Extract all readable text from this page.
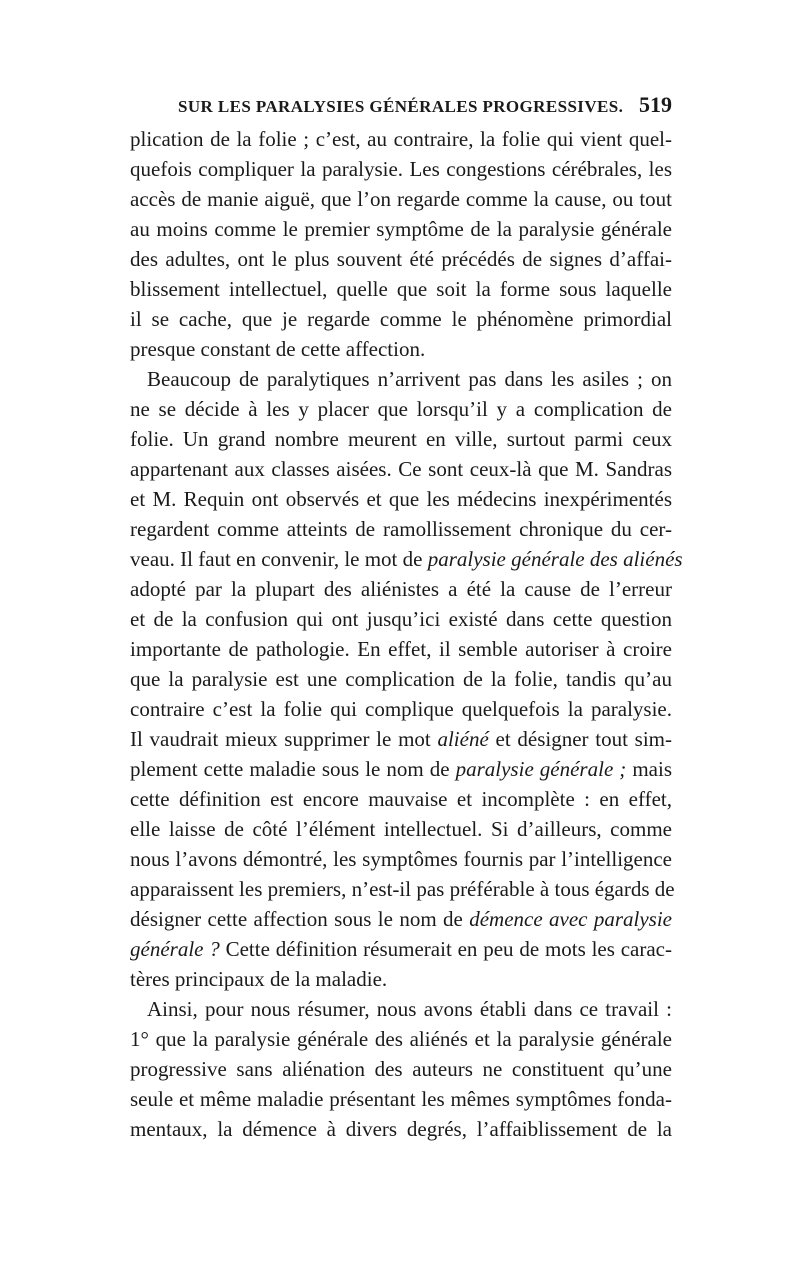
SUR LES PARALYSIES GÉNÉRALES PROGRESSIVES. 519
plication de la folie ; c’est, au contraire, la folie qui vient quel-
quefois compliquer la paralysie. Les congestions cérébrales, les
accès de manie aiguë, que l’on regarde comme la cause, ou tout
au moins comme le premier symptôme de la paralysie générale
des adultes, ont le plus souvent été précédés de signes d’affai-
blissement intellectuel, quelle que soit la forme sous laquelle
il se cache, que je regarde comme le phénomène primordial
presque constant de cette affection.
Beaucoup de paralytiques n’arrivent pas dans les asiles ; on
ne se décide à les y placer que lorsqu’il y a complication de
folie. Un grand nombre meurent en ville, surtout parmi ceux
appartenant aux classes aisées. Ce sont ceux-là que M. Sandras
et M. Requin ont observés et que les médecins inexpérimentés
regardent comme atteints de ramollissement chronique du cer-
veau. Il faut en convenir, le mot de paralysie générale des aliénés
adopté par la plupart des aliénistes a été la cause de l’erreur
et de la confusion qui ont jusqu’ici existé dans cette question
importante de pathologie. En effet, il semble autoriser à croire
que la paralysie est une complication de la folie, tandis qu’au
contraire c’est la folie qui complique quelquefois la paralysie.
Il vaudrait mieux supprimer le mot aliéné et désigner tout sim-
plement cette maladie sous le nom de paralysie générale ; mais
cette définition est encore mauvaise et incomplète : en effet,
elle laisse de côté l’élément intellectuel. Si d’ailleurs, comme
nous l’avons démontré, les symptômes fournis par l’intelligence
apparaissent les premiers, n’est-il pas préférable à tous égards de
désigner cette affection sous le nom de démence avec paralysie
générale ? Cette définition résumerait en peu de mots les carac-
tères principaux de la maladie.
Ainsi, pour nous résumer, nous avons établi dans ce travail :
1° que la paralysie générale des aliénés et la paralysie générale
progressive sans aliénation des auteurs ne constituent qu’une
seule et même maladie présentant les mêmes symptômes fonda-
mentaux, la démence à divers degrés, l’affaiblissement de la
